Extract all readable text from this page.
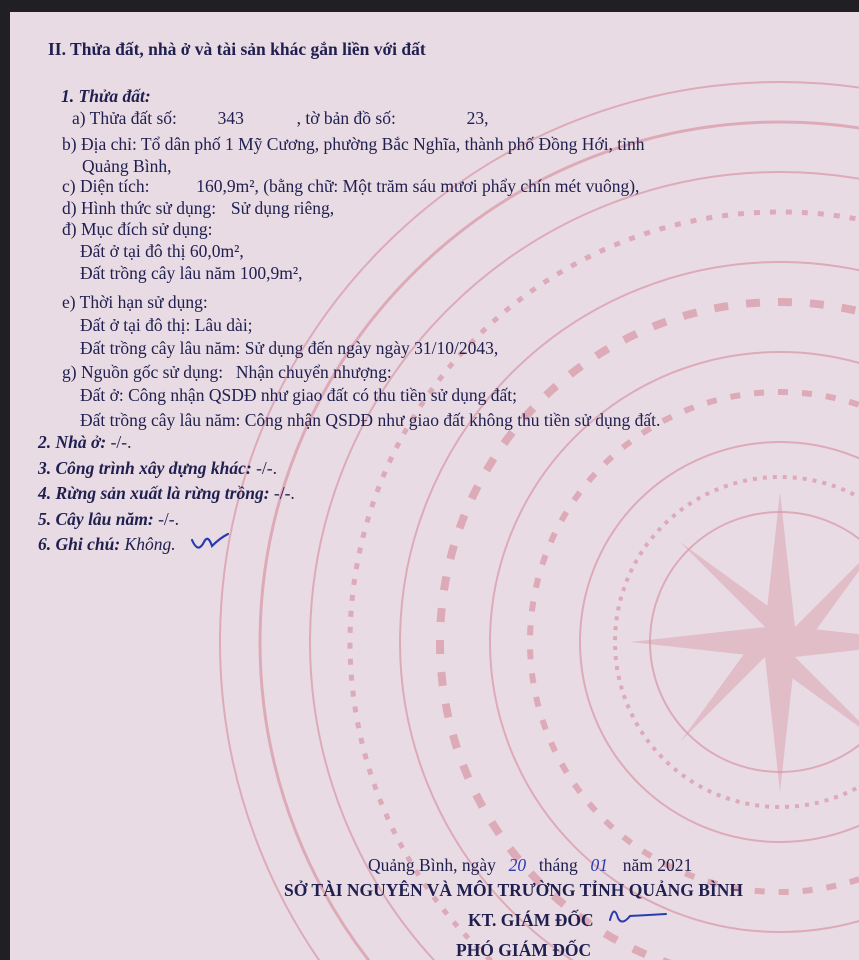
II. Thửa đất, nhà ở và tài sản khác gắn liền với đất
1. Thửa đất:
a) Thửa đất số: 343	, tờ bản đồ số:	23,
b) Địa chỉ: Tổ dân phố 1 Mỹ Cương, phường Bắc Nghĩa, thành phố Đồng Hới, tỉnh
Quảng Bình,
c) Diện tích:	160,9m², (bằng chữ: Một trăm sáu mươi phẩy chín mét vuông),
d) Hình thức sử dụng: Sử dụng riêng,
đ) Mục đích sử dụng:
Đất ở tại đô thị 60,0m²,
Đất trồng cây lâu năm 100,9m²,
e) Thời hạn sử dụng:
Đất ở tại đô thị: Lâu dài;
Đất trồng cây lâu năm: Sử dụng đến ngày ngày 31/10/2043,
g) Nguồn gốc sử dụng: Nhận chuyển nhượng:
Đất ở: Công nhận QSDĐ như giao đất có thu tiền sử dụng đất;
Đất trồng cây lâu năm: Công nhận QSDĐ như giao đất không thu tiền sử dụng đất.
2. Nhà ở: -/-.
3. Công trình xây dựng khác: -/-.
4. Rừng sản xuất là rừng trồng: -/-.
5. Cây lâu năm: -/-.
6. Ghi chú: Không.
Quảng Bình, ngày 20 tháng 01 năm 2021
SỞ TÀI NGUYÊN VÀ MÔI TRƯỜNG TỈNH QUẢNG BÌNH
KT. GIÁM ĐỐC
PHÓ GIÁM ĐỐC
